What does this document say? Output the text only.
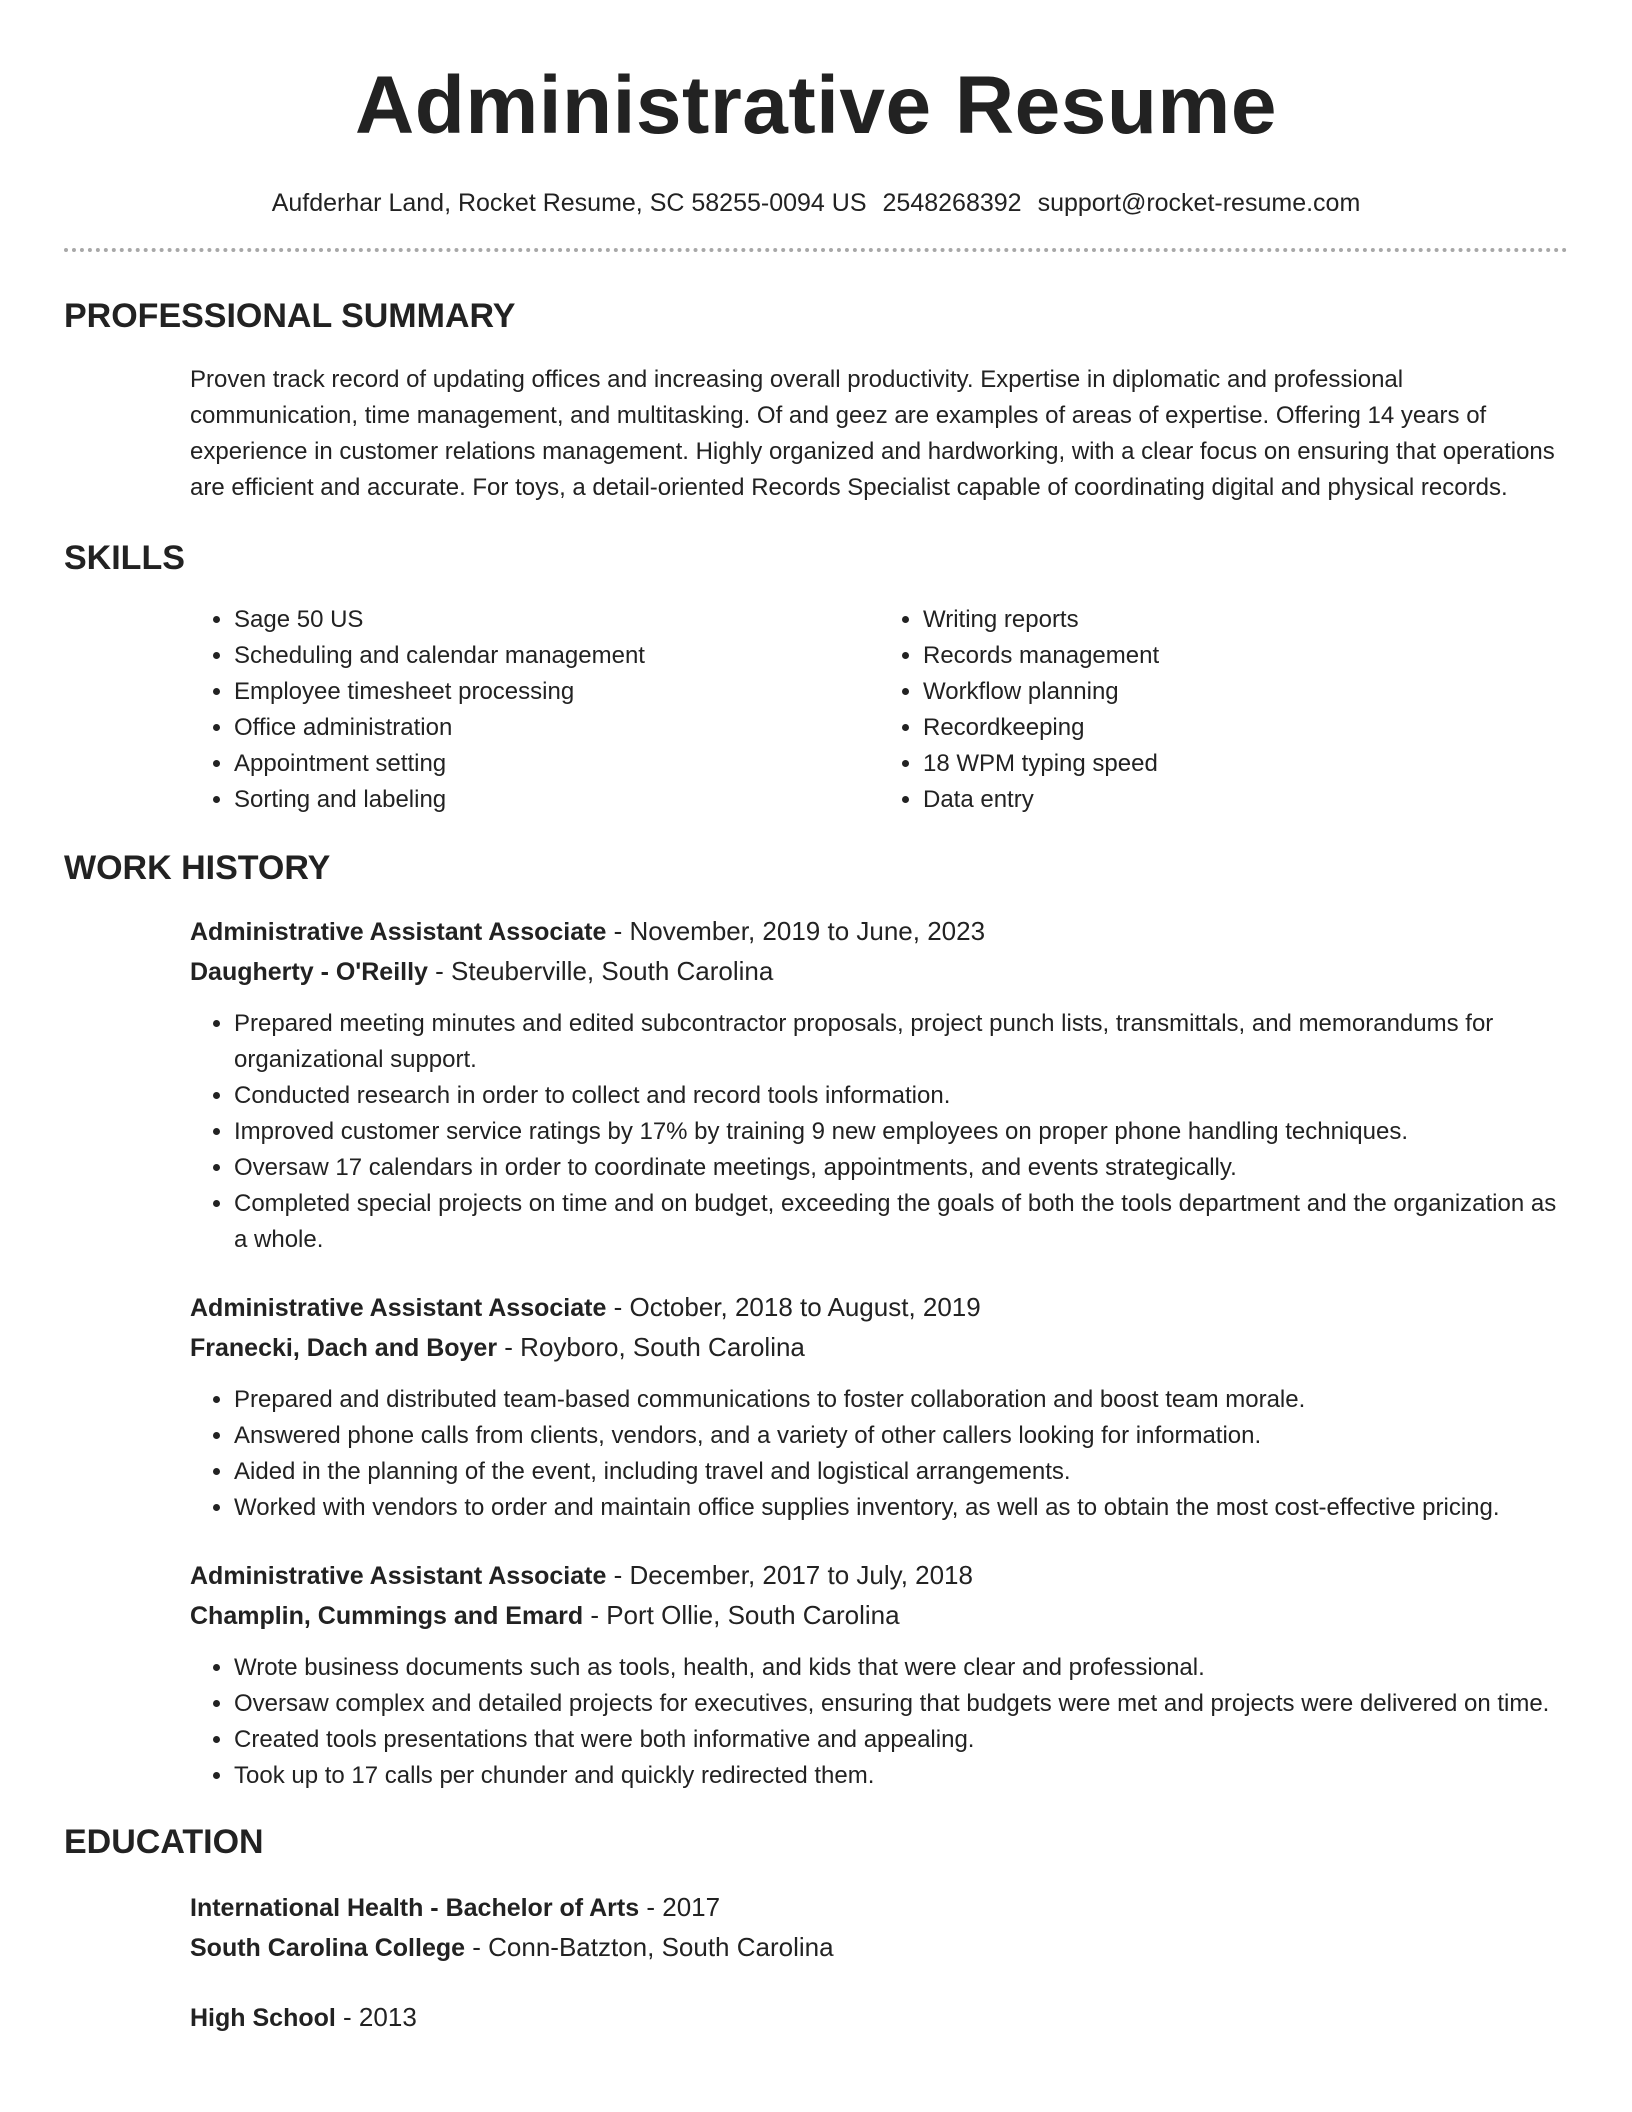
Administrative Resume
Aufderhar Land, Rocket Resume, SC 58255-0094 US 2548268392 support@rocket-resume.com
PROFESSIONAL SUMMARY
Proven track record of updating offices and increasing overall productivity. Expertise in diplomatic and professional communication, time management, and multitasking. Of and geez are examples of areas of expertise. Offering 14 years of experience in customer relations management. Highly organized and hardworking, with a clear focus on ensuring that operations are efficient and accurate. For toys, a detail-oriented Records Specialist capable of coordinating digital and physical records.
SKILLS
• Sage 50 US
• Scheduling and calendar management
• Employee timesheet processing
• Office administration
• Appointment setting
• Sorting and labeling
• Writing reports
• Records management
• Workflow planning
• Recordkeeping
• 18 WPM typing speed
• Data entry
WORK HISTORY
Administrative Assistant Associate - November, 2019 to June, 2023
Daugherty - O'Reilly - Steuberville, South Carolina
• Prepared meeting minutes and edited subcontractor proposals, project punch lists, transmittals, and memorandums for organizational support.
• Conducted research in order to collect and record tools information.
• Improved customer service ratings by 17% by training 9 new employees on proper phone handling techniques.
• Oversaw 17 calendars in order to coordinate meetings, appointments, and events strategically.
• Completed special projects on time and on budget, exceeding the goals of both the tools department and the organization as a whole.
Administrative Assistant Associate - October, 2018 to August, 2019
Franecki, Dach and Boyer - Royboro, South Carolina
• Prepared and distributed team-based communications to foster collaboration and boost team morale.
• Answered phone calls from clients, vendors, and a variety of other callers looking for information.
• Aided in the planning of the event, including travel and logistical arrangements.
• Worked with vendors to order and maintain office supplies inventory, as well as to obtain the most cost-effective pricing.
Administrative Assistant Associate - December, 2017 to July, 2018
Champlin, Cummings and Emard - Port Ollie, South Carolina
• Wrote business documents such as tools, health, and kids that were clear and professional.
• Oversaw complex and detailed projects for executives, ensuring that budgets were met and projects were delivered on time.
• Created tools presentations that were both informative and appealing.
• Took up to 17 calls per chunder and quickly redirected them.
EDUCATION
International Health - Bachelor of Arts - 2017
South Carolina College - Conn-Batzton, South Carolina
High School - 2013
